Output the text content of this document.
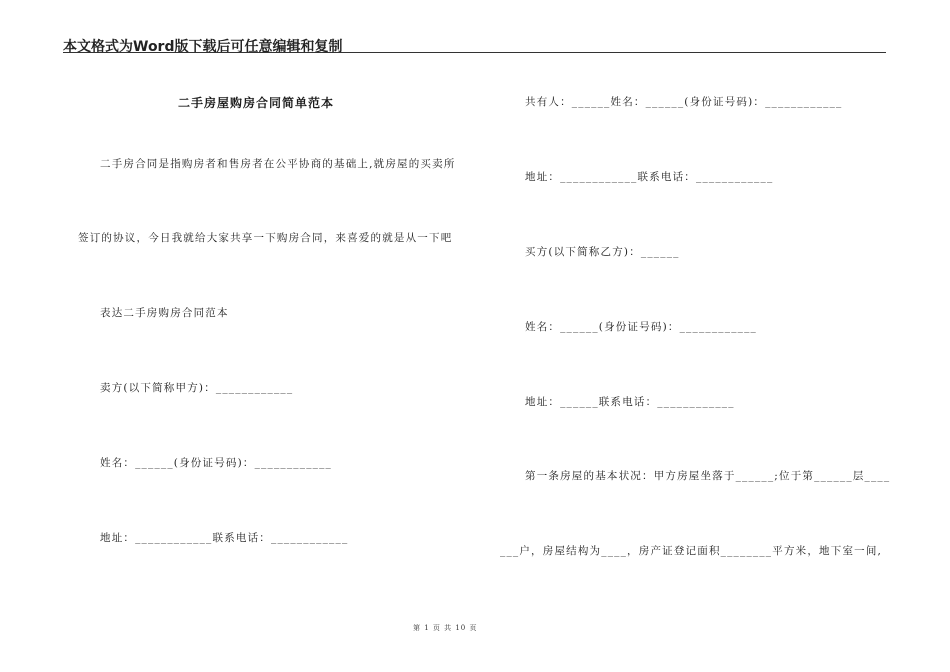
本文格式为Word版下载后可任意编辑和复制
二手房屋购房合同简单范本
二手房合同是指购房者和售房者在公平协商的基础上,就房屋的买卖所
签订的协议，今日我就给大家共享一下购房合同，来喜爱的就是从一下吧
表达二手房购房合同范本
卖方(以下简称甲方)：____________
姓名：______(身份证号码)：____________
地址：____________联系电话：____________
共有人：______姓名：______(身份证号码)：____________
地址：____________联系电话：____________
买方(以下简称乙方)：______
姓名：______(身份证号码)：____________
地址：______联系电话：____________
第一条房屋的基本状况：甲方房屋坐落于______;位于第______层____
___户，房屋结构为____，房产证登记面积________平方米，地下室一间,
第 1 页 共 10 页
